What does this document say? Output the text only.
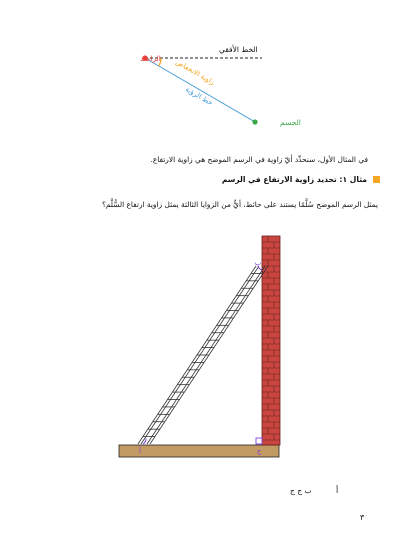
الخط الأفقي
الراصد زاوية الانخفاض
خط الرؤية
الجسم
في المثال الأول، سنحدِّد أيّ زاوية في الرسم الموضح هي زاوية الارتفاع.
مثال ١: تحديد زاوية الارتفاع في الرسم
يمثل الرسم الموضح سُلَّمًا يستند على حائط، أيٌّ من الزوايا الثالثة يمثل زاوية ارتفاع السُّلَّم؟
ب
ج
أ
ب ج ج	أ
٣
